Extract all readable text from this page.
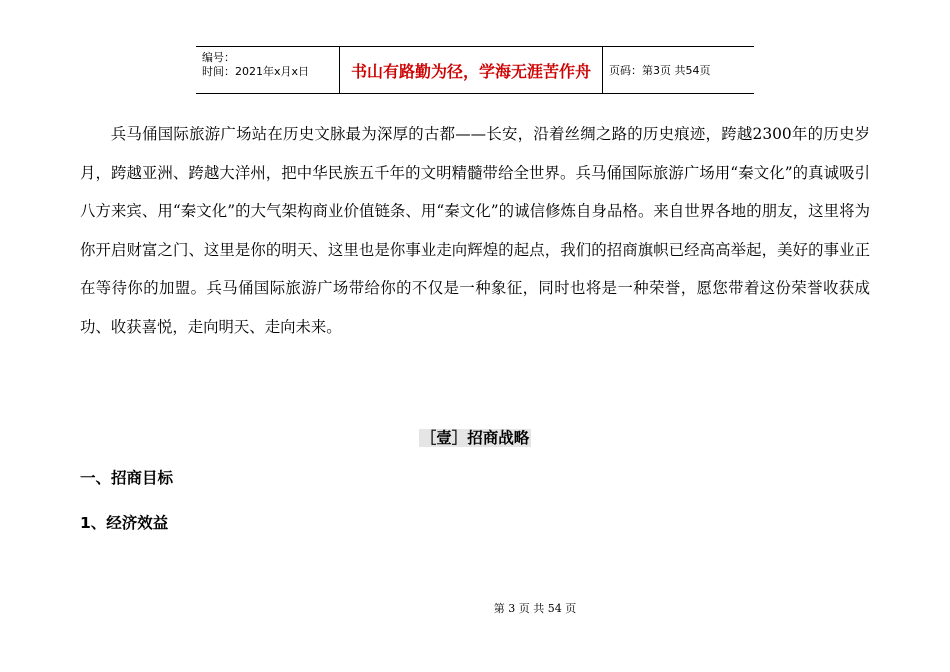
编号：
时间：2021年x月x日	书山有路勤为径，学海无涯苦作舟	页码：第3页 共54页

兵马俑国际旅游广场站在历史文脉最为深厚的古都——长安，沿着丝绸之路的历史痕迹，跨越2300年的历史岁月，跨越亚洲、跨越大洋州，把中华民族五千年的文明精髓带给全世界。兵马俑国际旅游广场用“秦文化”的真诚吸引八方来宾、用“秦文化”的大气架构商业价值链条、用“秦文化”的诚信修炼自身品格。来自世界各地的朋友，这里将为你开启财富之门、这里是你的明天、这里也是你事业走向辉煌的起点，我们的招商旗帜已经高高举起，美好的事业正在等待你的加盟。兵马俑国际旅游广场带给你的不仅是一种象征，同时也将是一种荣誉，愿您带着这份荣誉收获成功、收获喜悦，走向明天、走向未来。

［壹］招商战略
一、招商目标
1、经济效益
第 3 页 共 54 页
